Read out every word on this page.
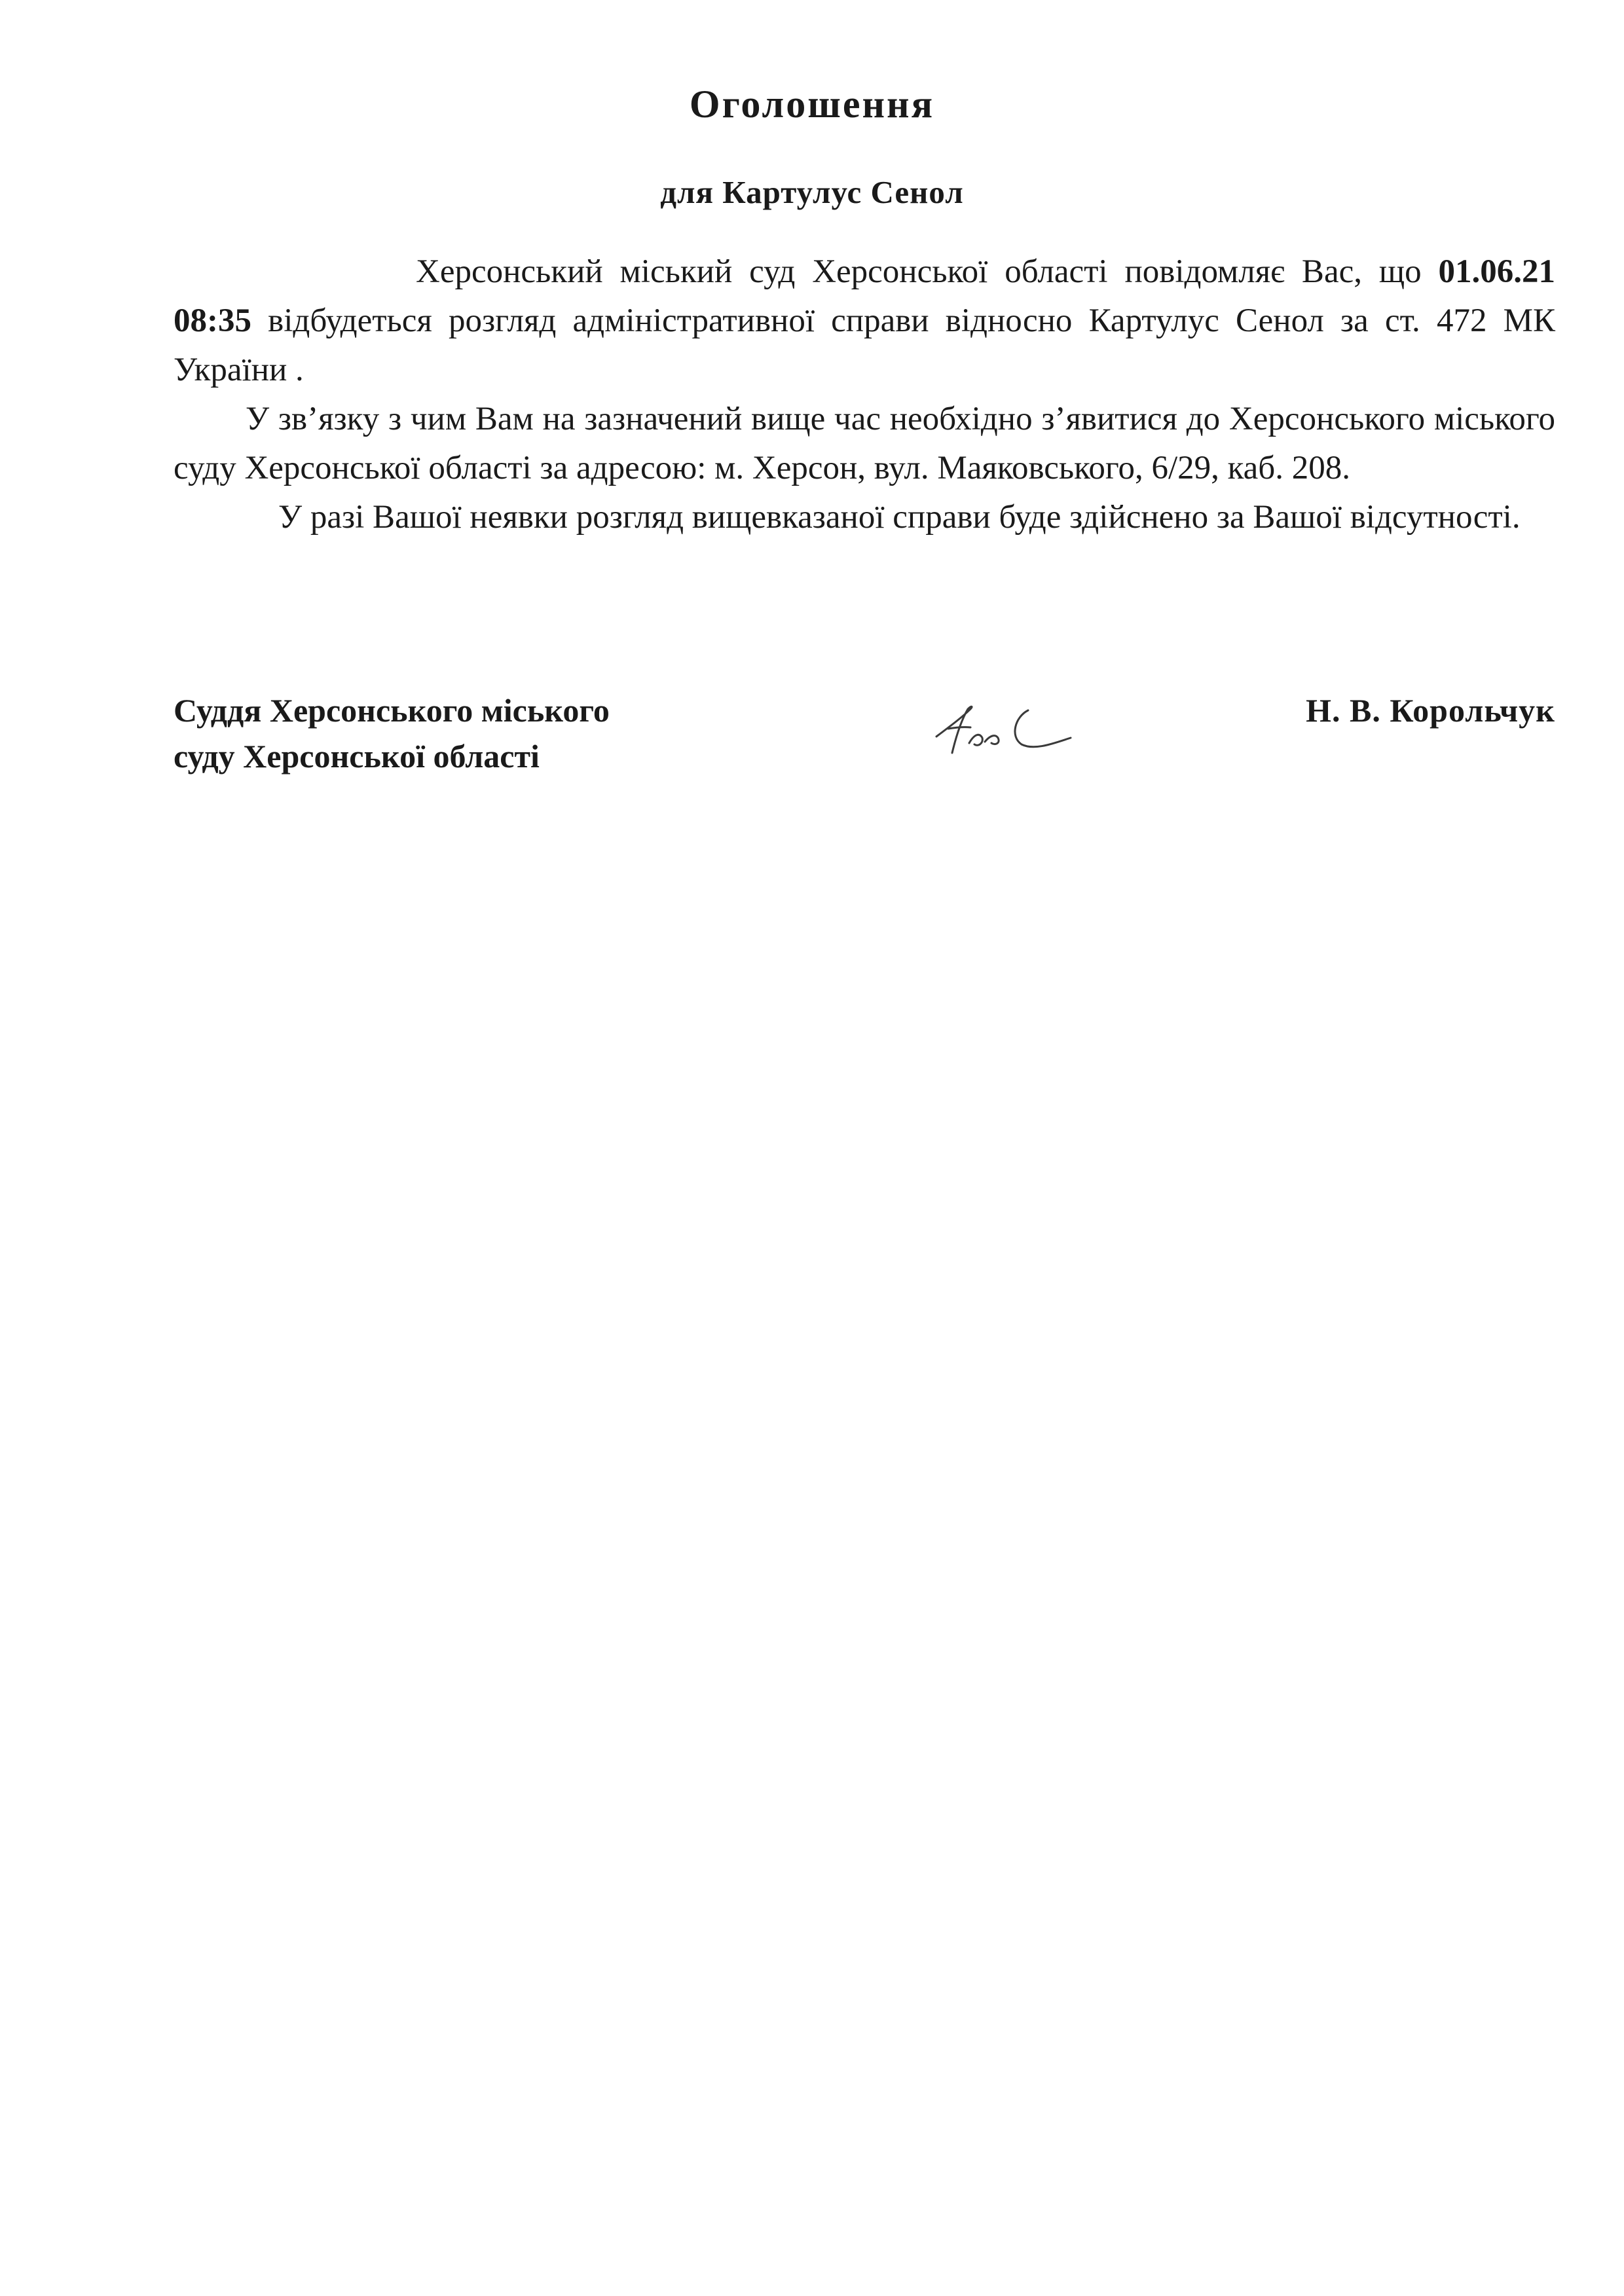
Оголошення
для Картулус Сенол

Херсонський міський суд Херсонської області повідомляє Вас, що 01.06.21 08:35 відбудеться розгляд адміністративної справи відносно Картулус Сенол за ст. 472 МК України .

У зв’язку з чим Вам на зазначений вище час необхідно з’явитися до Херсонського міського суду Херсонської області за адресою: м. Херсон, вул. Маяковського, 6/29, каб. 208.

У разі Вашої неявки розгляд вищевказаної справи буде здійснено за Вашої відсутності.

Суддя Херсонського міського
суду Херсонської області
Н. В. Корольчук
